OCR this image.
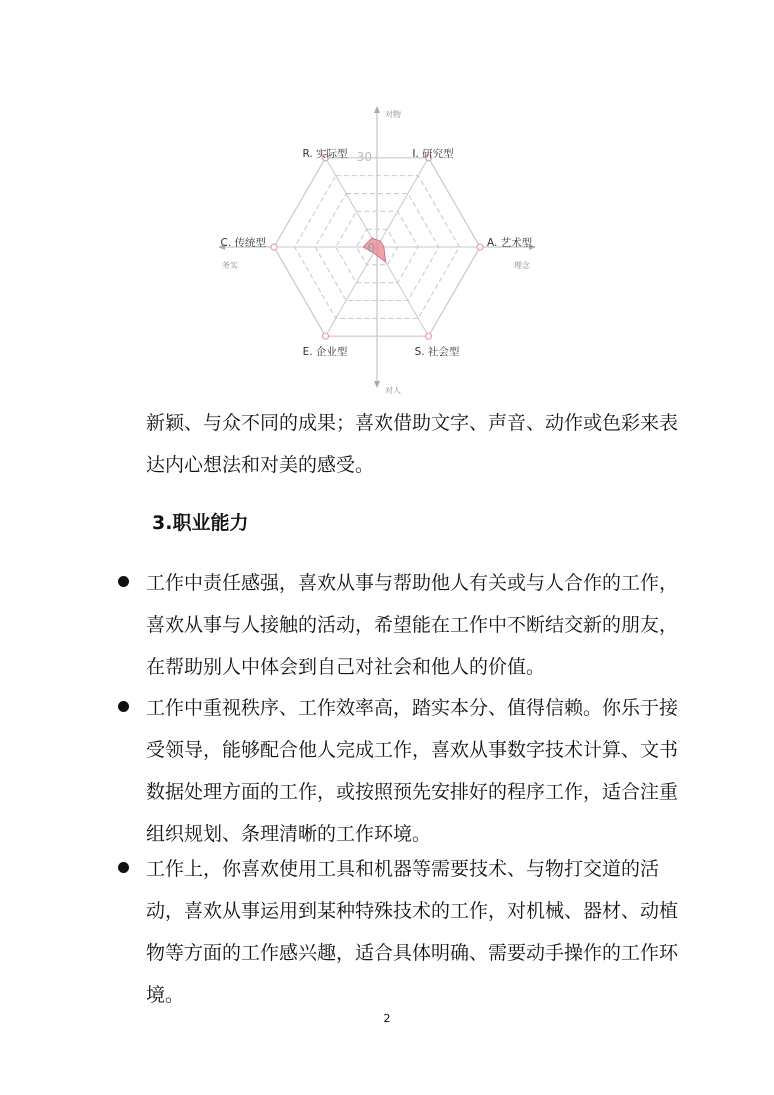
30
0
R. 实际型	I. 研究型
A. 艺术型
S. 社会型
E. 企业型
C. 传统型
对物
对人
务实	理念

新颖、与众不同的成果；喜欢借助文字、声音、动作或色彩来表达内心想法和对美的感受。

3.职业能力
工作中责任感强，喜欢从事与帮助他人有关或与人合作的工作，喜欢从事与人接触的活动，希望能在工作中不断结交新的朋友，在帮助别人中体会到自己对社会和他人的价值。
工作中重视秩序、工作效率高，踏实本分、值得信赖。你乐于接受领导，能够配合他人完成工作，喜欢从事数字技术计算、文书数据处理方面的工作，或按照预先安排好的程序工作，适合注重组织规划、条理清晰的工作环境。
工作上，你喜欢使用工具和机器等需要技术、与物打交道的活动，喜欢从事运用到某种特殊技术的工作，对机械、器材、动植物等方面的工作感兴趣，适合具体明确、需要动手操作的工作环境。
2
